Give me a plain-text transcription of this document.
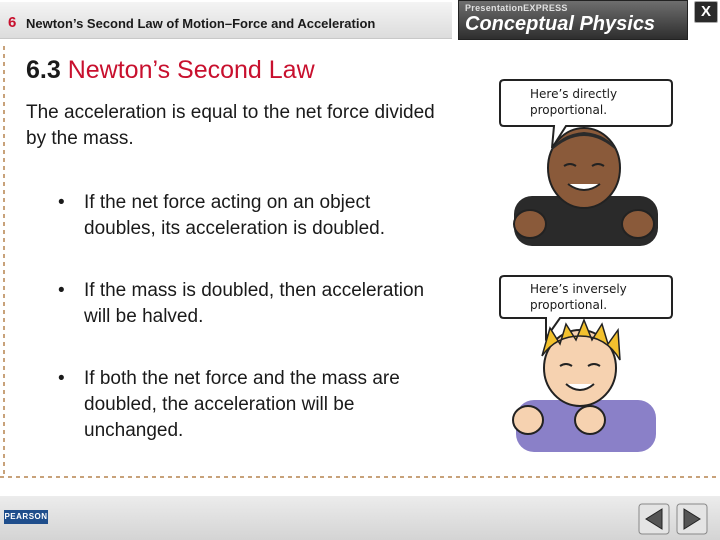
6 Newton’s Second Law of Motion–Force and Acceleration
PresentationEXPRESS
Conceptual Physics
X
6.3 Newton’s Second Law
The acceleration is equal to the net force divided by the mass.
• If the net force acting on an object doubles, its acceleration is doubled.
• If the mass is doubled, then acceleration will be halved.
• If both the net force and the mass are doubled, the acceleration will be unchanged.
Here’s directly
proportional.
Here’s inversely
proportional.
PEARSON
